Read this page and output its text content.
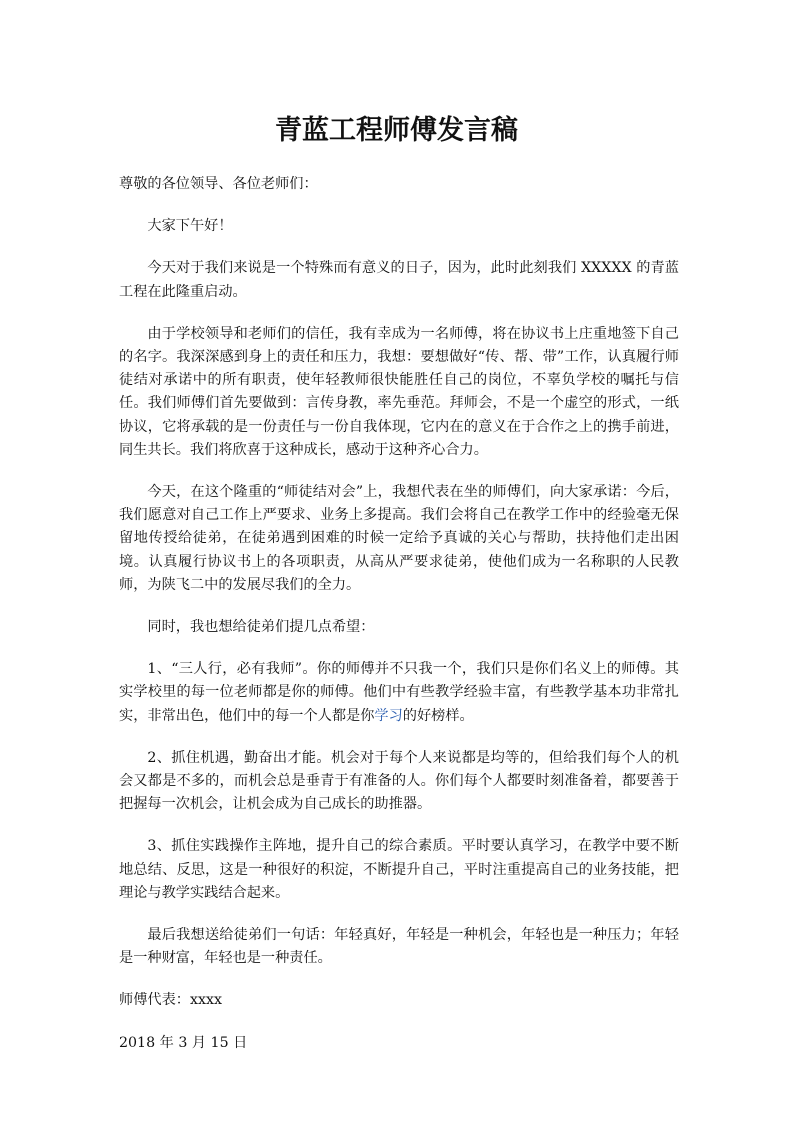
青蓝工程师傅发言稿

尊敬的各位领导、各位老师们：

大家下午好！

今天对于我们来说是一个特殊而有意义的日子，因为，此时此刻我们 XXXXX 的青蓝工程在此隆重启动。

由于学校领导和老师们的信任，我有幸成为一名师傅，将在协议书上庄重地签下自己的名字。我深深感到身上的责任和压力，我想：要想做好“传、帮、带”工作，认真履行师徒结对承诺中的所有职责，使年轻教师很快能胜任自己的岗位，不辜负学校的嘱托与信任。我们师傅们首先要做到：言传身教，率先垂范。拜师会，不是一个虚空的形式，一纸协议，它将承载的是一份责任与一份自我体现，它内在的意义在于合作之上的携手前进，同生共长。我们将欣喜于这种成长，感动于这种齐心合力。

今天，在这个隆重的“师徒结对会”上，我想代表在坐的师傅们，向大家承诺：今后，我们愿意对自己工作上严要求、业务上多提高。我们会将自己在教学工作中的经验毫无保留地传授给徒弟，在徒弟遇到困难的时候一定给予真诚的关心与帮助，扶持他们走出困境。认真履行协议书上的各项职责，从高从严要求徒弟，使他们成为一名称职的人民教师，为陕飞二中的发展尽我们的全力。

同时，我也想给徒弟们提几点希望：

1、“三人行，必有我师”。你的师傅并不只我一个，我们只是你们名义上的师傅。其实学校里的每一位老师都是你的师傅。他们中有些教学经验丰富，有些教学基本功非常扎实，非常出色，他们中的每一个人都是你学习的好榜样。

2、抓住机遇，勤奋出才能。机会对于每个人来说都是均等的，但给我们每个人的机会又都是不多的，而机会总是垂青于有准备的人。你们每个人都要时刻准备着，都要善于把握每一次机会，让机会成为自己成长的助推器。

3、抓住实践操作主阵地，提升自己的综合素质。平时要认真学习，在教学中要不断地总结、反思，这是一种很好的积淀，不断提升自己，平时注重提高自己的业务技能，把理论与教学实践结合起来。

最后我想送给徒弟们一句话：年轻真好，年轻是一种机会，年轻也是一种压力；年轻是一种财富，年轻也是一种责任。

师傅代表：xxxx

2018 年 3 月 15 日
